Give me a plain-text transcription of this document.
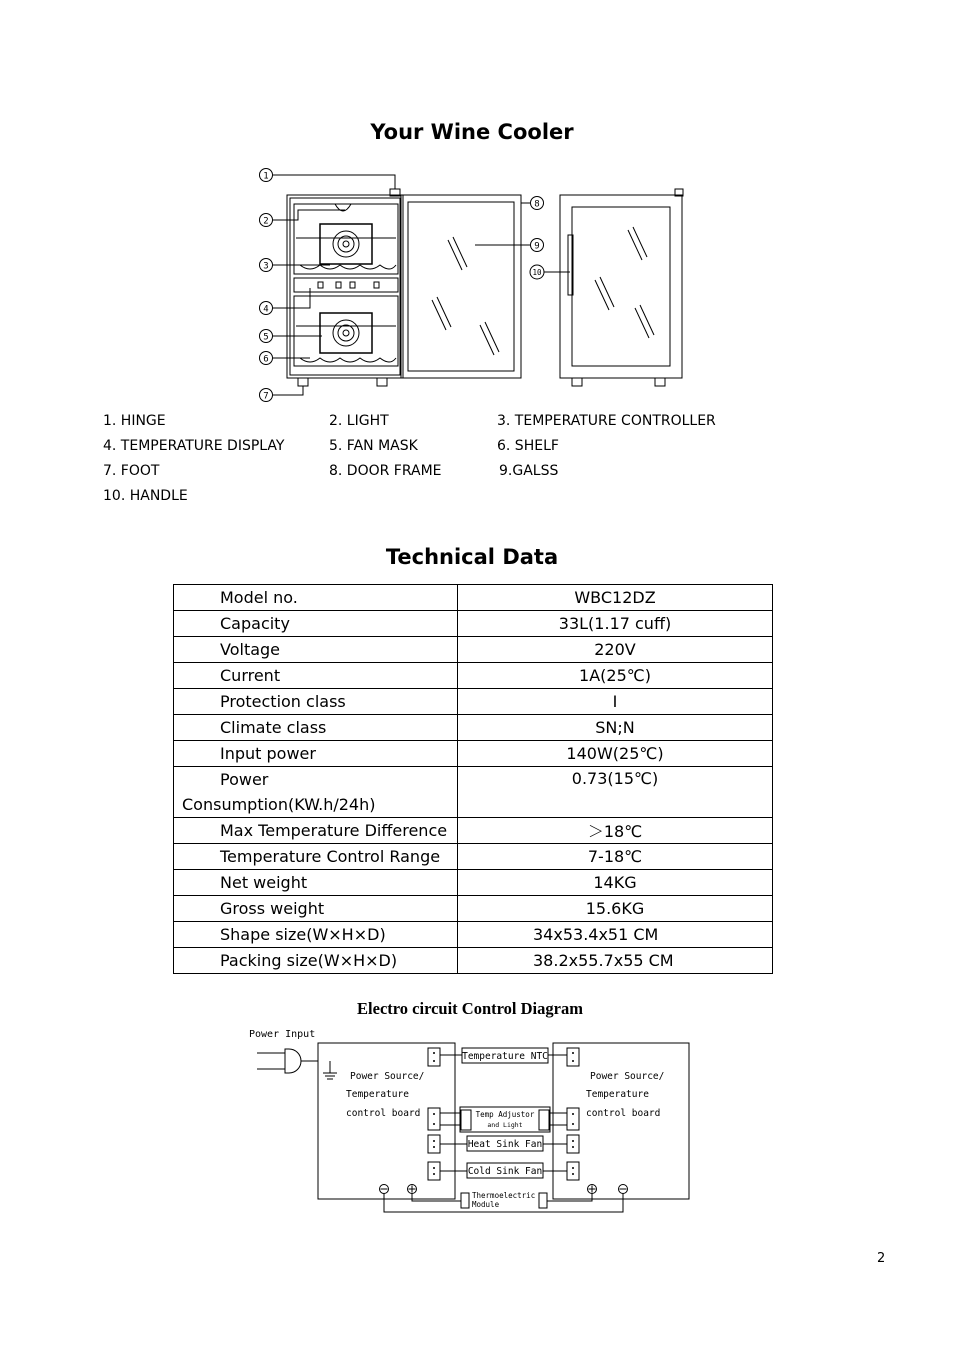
Your Wine Cooler
1
2
3
4
5
6
7
8
9
10
1. HINGE	2. LIGHT	3. TEMPERATURE CONTROLLER
4. TEMPERATURE DISPLAY	5. FAN MASK	6. SHELF
7. FOOT	8. DOOR FRAME	9.GALSS
10. HANDLE
Technical Data
Model no.	WBC12DZ
Capacity	33L(1.17 cuff)
Voltage	220V
Current	1A(25℃)
Protection class	Ⅰ
Climate class	SN;N
Input power	140W(25℃)
Power
Consumption(KW.h/24h)	0.73(15℃)
Max Temperature Difference	＞18℃
Temperature Control Range	7-18℃
Net weight	14KG
Gross weight	15.6KG
Shape size(W×H×D)	34x53.4x51 CM
Packing size(W×H×D)	38.2x55.7x55 CM
Electro circuit Control Diagram
Power Input
Power Source/
Temperature
control board
Power Source/
Temperature
control board
Temperature NTC
Heat Sink Fan
Cold Sink Fan
Temp Adjustor
and Light
Thermoelectric
Module
2
